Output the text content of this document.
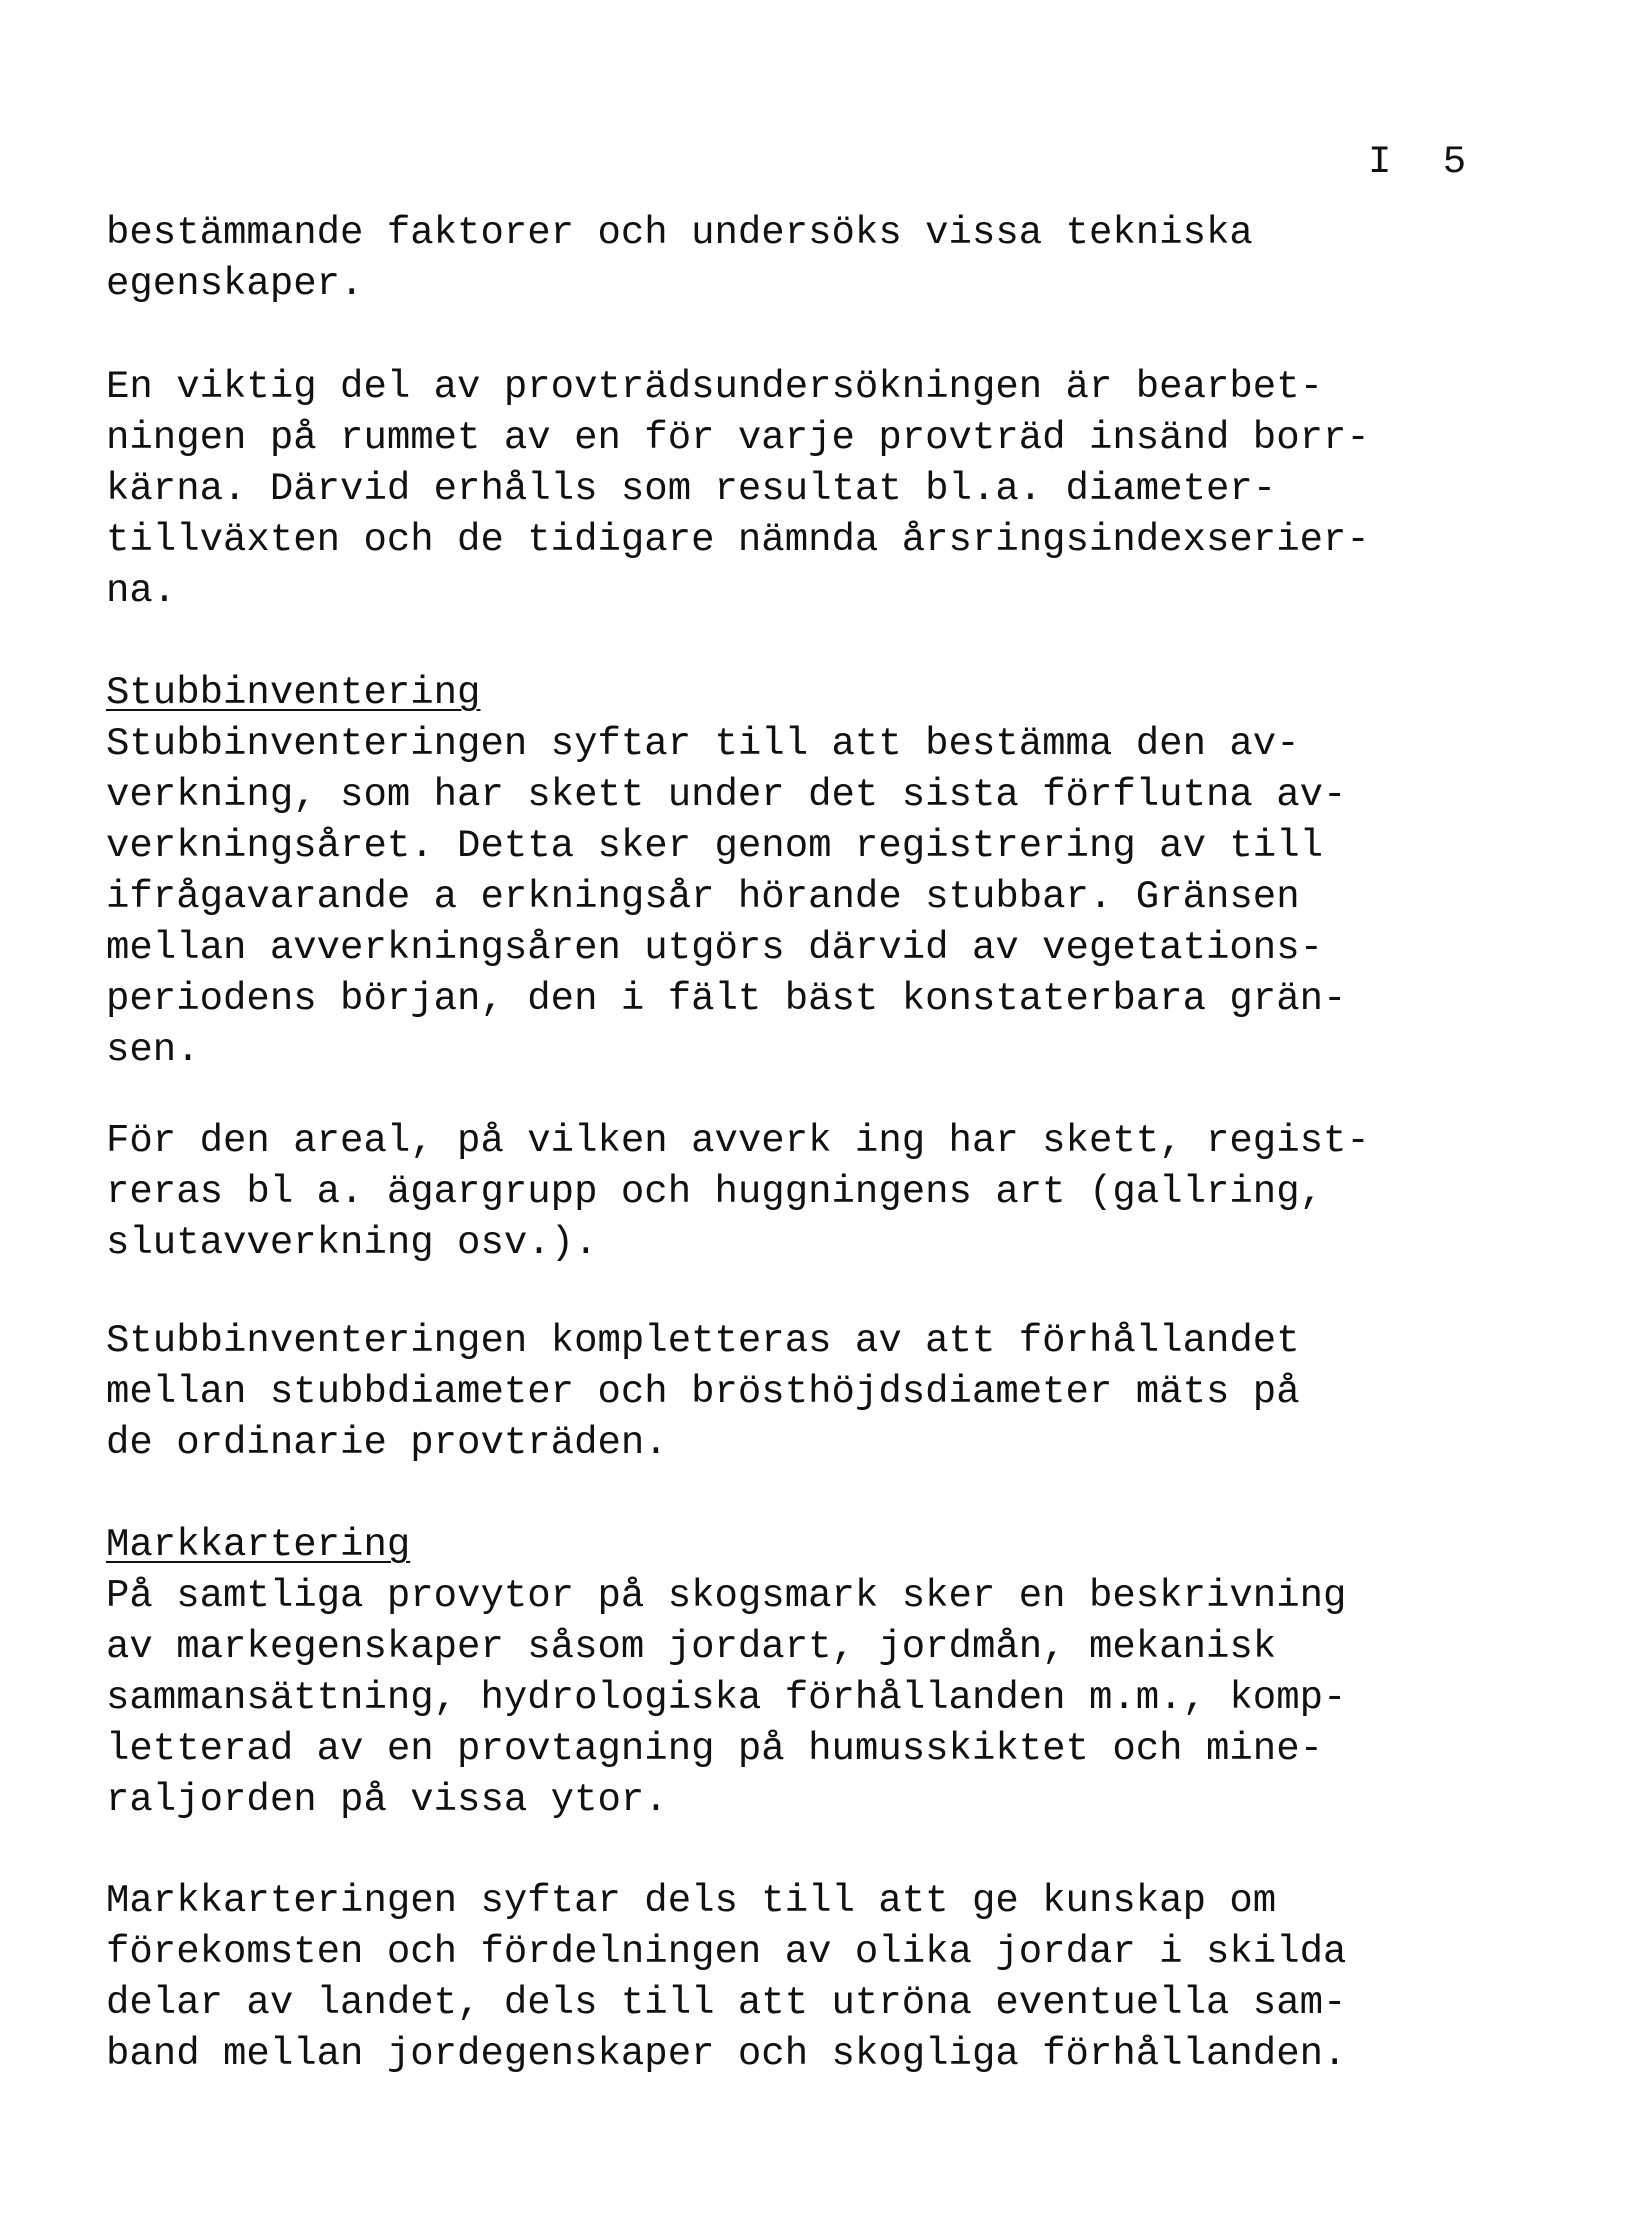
I 5
bestämmande faktorer och undersöks vissa tekniska
egenskaper.
En viktig del av provträdsundersökningen är bearbet-
ningen på rummet av en för varje provträd insänd borr-
kärna. Därvid erhålls som resultat bl.a. diameter-
tillväxten och de tidigare nämnda årsringsindexserier-
na.
Stubbinventering
Stubbinventeringen syftar till att bestämma den av-
verkning, som har skett under det sista förflutna av-
verkningsåret. Detta sker genom registrering av till
ifrågavarande a erkningsår hörande stubbar. Gränsen
mellan avverkningsåren utgörs därvid av vegetations-
periodens början, den i fält bäst konstaterbara grän-
sen.
För den areal, på vilken avverk ing har skett, regist-
reras bl a. ägargrupp och huggningens art (gallring,
slutavverkning osv.).
Stubbinventeringen kompletteras av att förhållandet
mellan stubbdiameter och brösthöjdsdiameter mäts på
de ordinarie provträden.
Markkartering
På samtliga provytor på skogsmark sker en beskrivning
av markegenskaper såsom jordart, jordmån, mekanisk
sammansättning, hydrologiska förhållanden m.m., komp-
letterad av en provtagning på humusskiktet och mine-
raljorden på vissa ytor.
Markkarteringen syftar dels till att ge kunskap om
förekomsten och fördelningen av olika jordar i skilda
delar av landet, dels till att utröna eventuella sam-
band mellan jordegenskaper och skogliga förhållanden.
